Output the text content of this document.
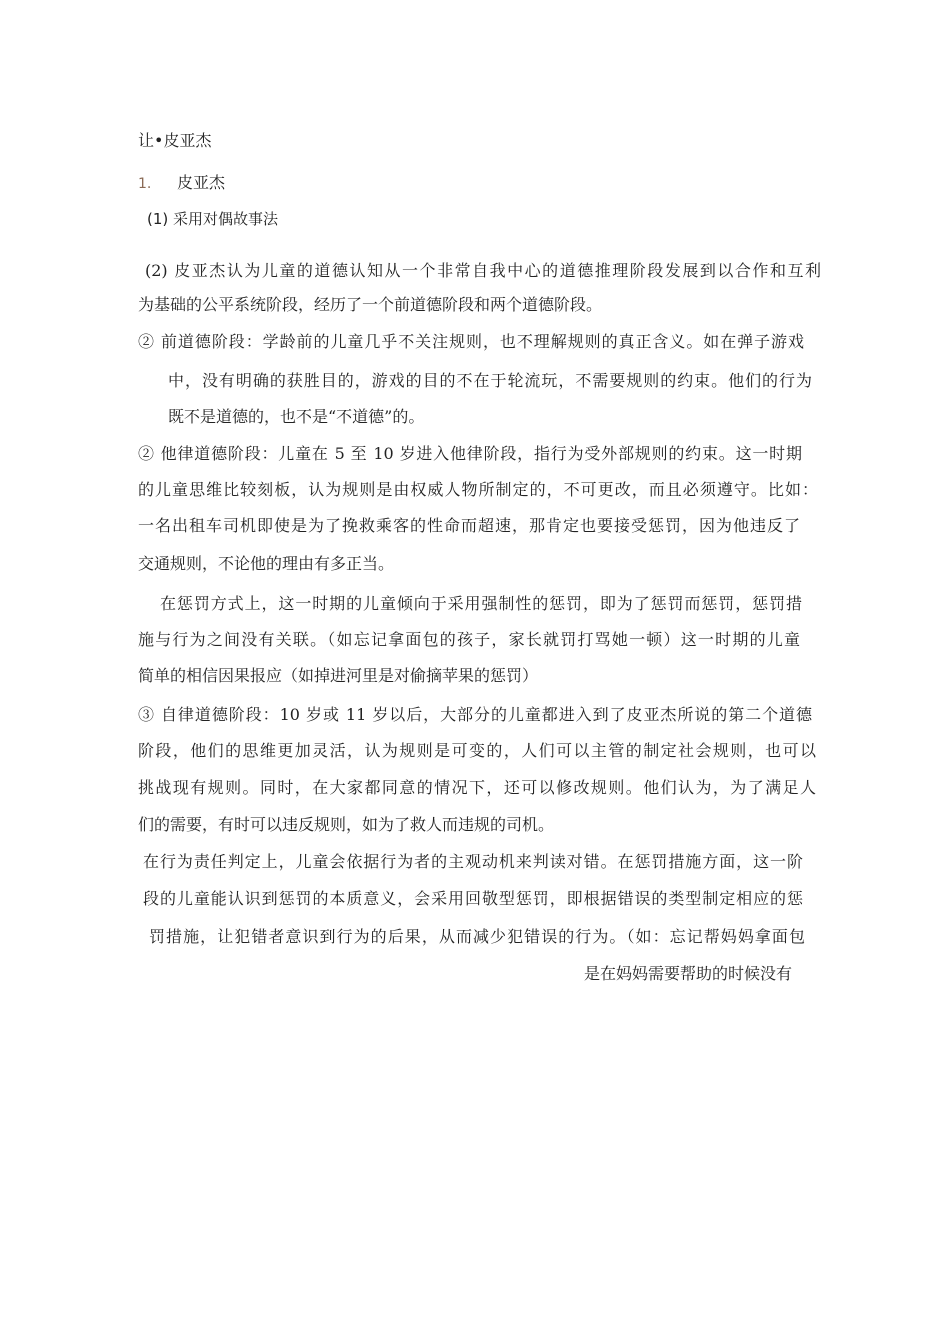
让•皮亚杰

1. 皮亚杰

(1) 采用对偶故事法

(2) 皮亚杰认为儿童的道德认知从一个非常自我中心的道德推理阶段发展到以合作和互利

为基础的公平系统阶段，经历了一个前道德阶段和两个道德阶段。

② 前道德阶段：学龄前的儿童几乎不关注规则，也不理解规则的真正含义。如在弹子游戏

中，没有明确的获胜目的，游戏的目的不在于轮流玩，不需要规则的约束。他们的行为

既不是道德的，也不是“不道德”的。

② 他律道德阶段：儿童在 5 至 10 岁进入他律阶段，指行为受外部规则的约束。这一时期

的儿童思维比较刻板，认为规则是由权威人物所制定的，不可更改，而且必须遵守。比如：

一名出租车司机即使是为了挽救乘客的性命而超速，那肯定也要接受惩罚，因为他违反了

交通规则，不论他的理由有多正当。

在惩罚方式上，这一时期的儿童倾向于采用强制性的惩罚，即为了惩罚而惩罚，惩罚措

施与行为之间没有关联。（如忘记拿面包的孩子，家长就罚打骂她一顿）这一时期的儿童

简单的相信因果报应（如掉进河里是对偷摘苹果的惩罚）

③ 自律道德阶段：10 岁或 11 岁以后，大部分的儿童都进入到了皮亚杰所说的第二个道德

阶段，他们的思维更加灵活，认为规则是可变的，人们可以主管的制定社会规则，也可以

挑战现有规则。同时，在大家都同意的情况下，还可以修改规则。他们认为，为了满足人

们的需要，有时可以违反规则，如为了救人而违规的司机。

在行为责任判定上，儿童会依据行为者的主观动机来判读对错。在惩罚措施方面，这一阶

段的儿童能认识到惩罚的本质意义，会采用回敬型惩罚，即根据错误的类型制定相应的惩

罚措施，让犯错者意识到行为的后果，从而减少犯错误的行为。（如：忘记帮妈妈拿面包

是在妈妈需要帮助的时候没有
